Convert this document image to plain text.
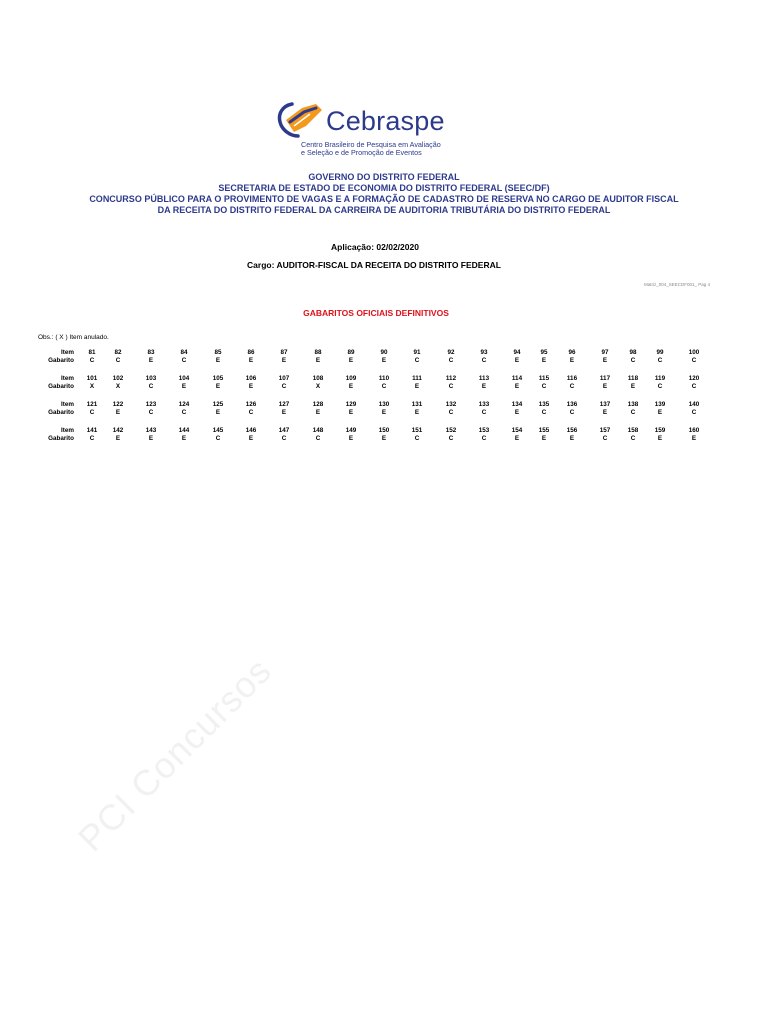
Cebraspe
Centro Brasileiro de Pesquisa em Avaliação
e Seleção e de Promoção de Eventos
GOVERNO DO DISTRITO FEDERAL
SECRETARIA DE ESTADO DE ECONOMIA DO DISTRITO FEDERAL (SEEC/DF)
CONCURSO PÚBLICO PARA O PROVIMENTO DE VAGAS E A FORMAÇÃO DE CADASTRO DE RESERVA NO CARGO DE AUDITOR FISCAL
DA RECEITA DO DISTRITO FEDERAL DA CARREIRA DE AUDITORIA TRIBUTÁRIA DO DISTRITO FEDERAL
Aplicação: 02/02/2020
Cargo: AUDITOR-FISCAL DA RECEITA DO DISTRITO FEDERAL
Matriz_004_SEECDF001_ Pag 4
GABARITOS OFICIAIS DEFINITIVOS
Obs.: ( X ) Item anulado.
Item
Gabarito
81
C
82
C
83
E
84
C
85
E
86
E
87
E
88
E
89
E
90
E
91
C
92
C
93
C
94
E
95
E
96
E
97
E
98
C
99
C
100
C
Item
Gabarito
101
X
102
X
103
C
104
E
105
E
106
E
107
C
108
X
109
E
110
C
111
E
112
C
113
E
114
E
115
C
116
C
117
E
118
E
119
C
120
C
Item
Gabarito
121
C
122
E
123
C
124
C
125
E
126
C
127
E
128
E
129
E
130
E
131
E
132
C
133
C
134
E
135
C
136
C
137
E
138
C
139
E
140
C
Item
Gabarito
141
C
142
E
143
E
144
E
145
C
146
E
147
C
148
C
149
E
150
E
151
C
152
C
153
C
154
E
155
E
156
E
157
C
158
C
159
E
160
E
PCI Concursos
